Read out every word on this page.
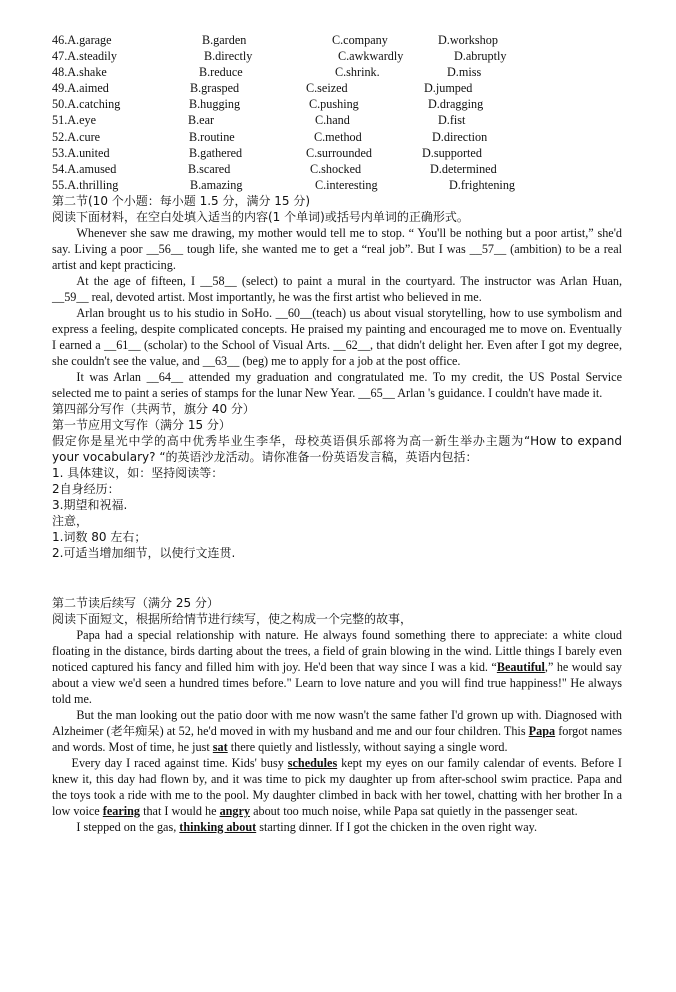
46.A.garage	B.garden	C.company	D.workshop
47.A.steadily	B.directly	C.awkwardly	D.abruptly
48.A.shake	B.reduce	C.shrink.	D.miss
49.A.aimed	B.grasped	C.seized	D.jumped
50.A.catching	B.hugging	C.pushing	D.dragging
51.A.eye	B.ear	C.hand	D.fist
52.A.cure	B.routine	C.method	D.direction
53.A.united	B.gathered	C.surrounded	D.supported
54.A.amused	B.scared	C.shocked	D.determined
55.A.thrilling	B.amazing	C.interesting	D.frightening
第二节(10 个小题：每小题 1.5 分，满分 15 分)
阅读下面材料，在空白处填入适当的内容(1 个单词)或括号内单词的正确形式。

Whenever she saw me drawing, my mother would tell me to stop. “ You'll be nothing but a poor artist,” she'd say. Living a poor __56__ tough life, she wanted me to get a “real job”. But I was __57__ (ambition) to be a real artist and kept practicing.

At the age of fifteen, I __58__ (select) to paint a mural in the courtyard. The instructor was Arlan Huan, __59__ real, devoted artist. Most importantly, he was the first artist who believed in me.

Arlan brought us to his studio in SoHo. __60__(teach) us about visual storytelling, how to use symbolism and express a feeling, despite complicated concepts. He praised my painting and encouraged me to move on. Eventually I earned a __61__ (scholar) to the School of Visual Arts. __62__, that didn't delight her. Even after I got my degree, she couldn't see the value, and __63__ (beg) me to apply for a job at the post office.

It was Arlan __64__ attended my graduation and congratulated me. To my credit, the US Postal Service selected me to paint a series of stamps for the lunar New Year. __65__ Arlan 's guidance. I couldn't have made it.

第四部分写作（共两节，旗分 40 分）
第一节应用文写作（满分 15 分）

假定你是星光中学的高中优秀毕业生李华，母校英语俱乐部将为高一新生举办主题为“How to expand your vocabulary? “的英语沙龙活动。请你准备一份英语发言稿，英语内包括：

1. 具体建议，如：坚持阅读等：
2自身经历：
3.期望和祝福.
注意，
1.词数 80 左右；
2.可适当增加细节，以使行文连贯.
第二节读后续写（满分 25 分）
阅读下面短文，根据所给情节进行续写，使之构成一个完整的故事，

Papa had a special relationship with nature. He always found something there to appreciate: a white cloud floating in the distance, birds darting about the trees, a field of grain blowing in the wind. Little things I barely even noticed captured his fancy and filled him with joy. He'd been that way since I was a kid. “Beautiful,” he would say about a view we'd seen a hundred times before." Learn to love nature and you will find true happiness!" He always told me.

But the man looking out the patio door with me now wasn't the same father I'd grown up with. Diagnosed with Alzheimer (老年痴呆) at 52, he'd moved in with my husband and me and our four children. This Papa forgot names and words. Most of time, he just sat there quietly and listlessly, without saying a single word.

Every day I raced against time. Kids' busy schedules kept my eyes on our family calendar of events. Before I knew it, this day had flown by, and it was time to pick my daughter up from after-school swim practice. Papa and the toys took a ride with me to the pool. My daughter climbed in back with her towel, chatting with her brother In a low voice fearing that I would he angry about too much noise, while Papa sat quietly in the passenger seat.

I stepped on the gas, thinking about starting dinner. If I got the chicken in the oven right way.
